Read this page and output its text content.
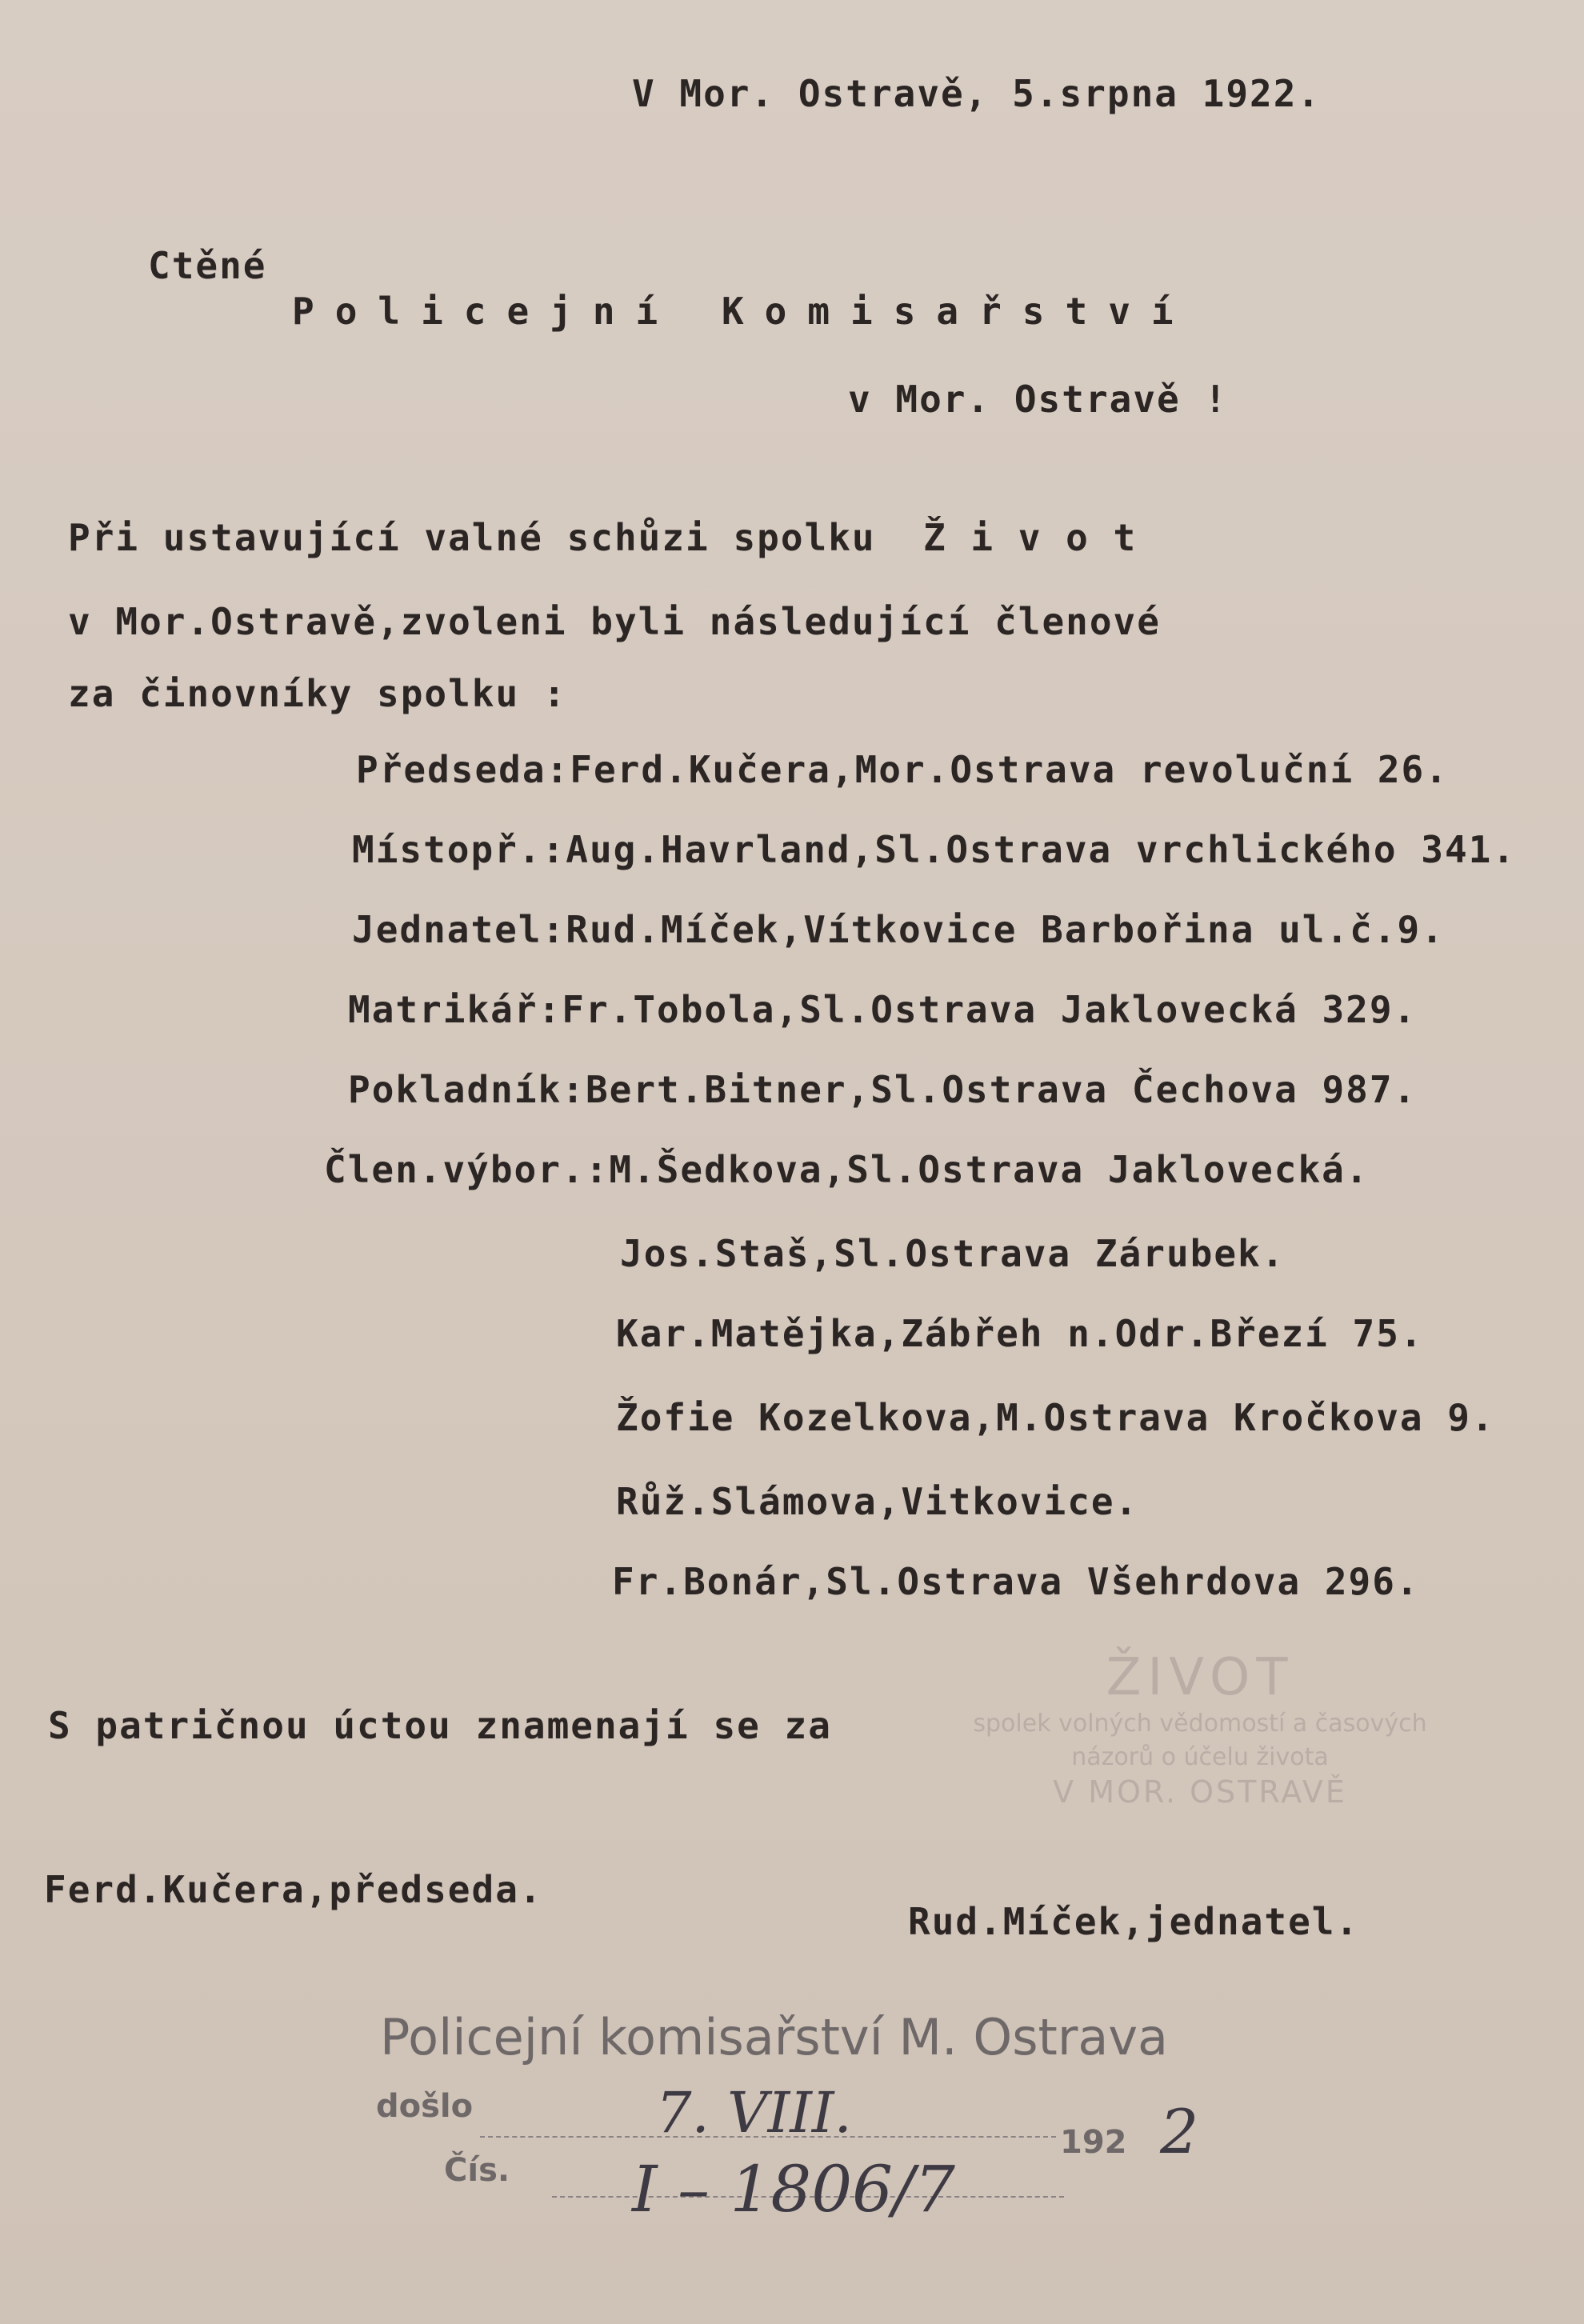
V Mor. Ostravě, 5.srpna 1922.
Ctěné
Policejní Komisařství
v Mor. Ostravě !
Při ustavující valné schůzi spolku  Ž i v o t
v Mor.Ostravě,zvoleni byli následující členové
za činovníky spolku :
Předseda:Ferd.Kučera,Mor.Ostrava revoluční 26.
Místopř.:Aug.Havrland,Sl.Ostrava vrchlického 341.
Jednatel:Rud.Míček,Vítkovice Barbořina ul.č.9.
Matrikář:Fr.Tobola,Sl.Ostrava Jaklovecká 329.
Pokladník:Bert.Bitner,Sl.Ostrava Čechova 987.
Člen.výbor.:M.Šedkova,Sl.Ostrava Jaklovecká.
Jos.Staš,Sl.Ostrava Zárubek.
Kar.Matějka,Zábřeh n.Odr.Březí 75.
Žofie Kozelkova,M.Ostrava Kročkova 9.
Růž.Slámova,Vitkovice.
Fr.Bonár,Sl.Ostrava Všehrdova 296.
ŽIVOT
spolek volných vědomostí a časových
názorů o účelu života
V MOR. OSTRAVĚ
S patričnou úctou znamenají se za
Ferd.Kučera,předseda.
Rud.Míček,jednatel.
Policejní komisařství M. Ostrava
došlo	7. VIII.	192 2
Čís. I – 1806/7
